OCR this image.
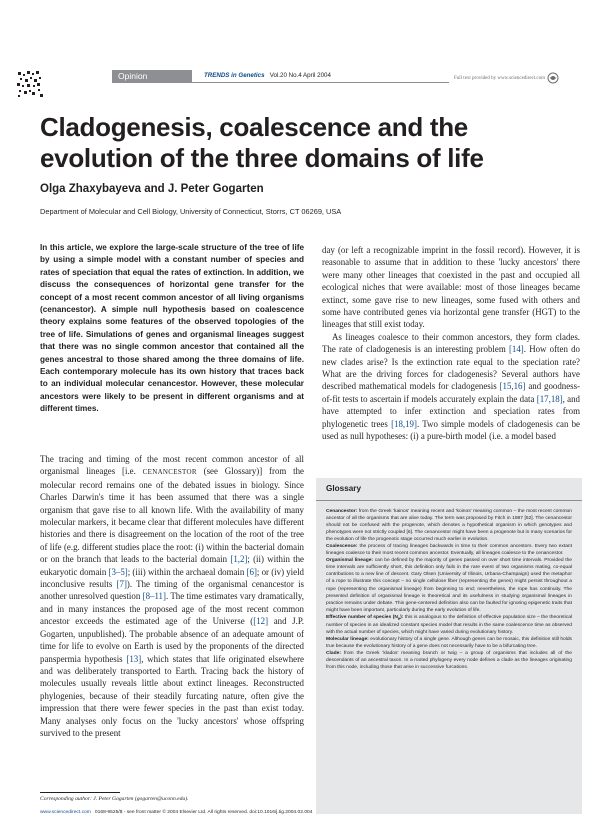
Opinion	TRENDS in Genetics Vol.20 No.4 April 2004	Full text provided by www.sciencedirect.com
Cladogenesis, coalescence and the
evolution of the three domains of life
Olga Zhaxybayeva and J. Peter Gogarten
Department of Molecular and Cell Biology, University of Connecticut, Storrs, CT 06269, USA
In this article, we explore the large-scale structure of the tree of life by using a simple model with a constant number of species and rates of speciation that equal the rates of extinction. In addition, we discuss the consequences of horizontal gene transfer for the concept of a most recent common ancestor of all living organisms (cenancestor). A simple null hypothesis based on coalescence theory explains some features of the observed topologies of the tree of life. Simulations of genes and organismal lineages suggest that there was no single common ancestor that contained all the genes ancestral to those shared among the three domains of life. Each contemporary molecule has its own history that traces back to an individual molecular cenancestor. However, these molecular ancestors were likely to be present in different organisms and at different times.

The tracing and timing of the most recent common ancestor of all organismal lineages [i.e. CENANCESTOR (see Glossary)] from the molecular record remains one of the debated issues in biology. Since Charles Darwin's time it has been assumed that there was a single organism that gave rise to all known life. With the availability of many molecular markers, it became clear that different molecules have different histories and there is disagreement on the location of the root of the tree of life (e.g. different studies place the root: (i) within the bacterial domain or on the branch that leads to the bacterial domain [1,2]; (ii) within the eukaryotic domain [3–5]; (iii) within the archaeal domain [6]; or (iv) yield inconclusive results [7]). The timing of the organismal cenancestor is another unresolved question [8–11]. The time estimates vary dramatically, and in many instances the proposed age of the most recent common ancestor exceeds the estimated age of the Universe ([12] and J.P. Gogarten, unpublished). The probable absence of an adequate amount of time for life to evolve on Earth is used by the proponents of the directed panspermia hypothesis [13], which states that life originated elsewhere and was deliberately transported to Earth. Tracing back the history of molecules usually reveals little about extinct lineages. Reconstructed phylogenies, because of their steadily furcating nature, often give the impression that there were fewer species in the past than exist today. Many analyses only focus on the 'lucky ancestors' whose offspring survived to the present

day (or left a recognizable imprint in the fossil record). However, it is reasonable to assume that in addition to these 'lucky ancestors' there were many other lineages that coexisted in the past and occupied all ecological niches that were available: most of those lineages became extinct, some gave rise to new lineages, some fused with others and some have contributed genes via horizontal gene transfer (HGT) to the lineages that still exist today.

As lineages coalesce to their common ancestors, they form clades. The rate of cladogenesis is an interesting problem [14]. How often do new clades arise? Is the extinction rate equal to the speciation rate? What are the driving forces for cladogenesis? Several authors have described mathematical models for cladogenesis [15,16] and goodness-of-fit tests to ascertain if models accurately explain the data [17,18], and have attempted to infer extinction and speciation rates from phylogenetic trees [18,19]. Two simple models of cladogenesis can be used as null hypotheses: (i) a pure-birth model (i.e. a model based

Glossary

Cenancestor: from the Greek 'kainos' meaning recent and 'koinos' meaning common – the most recent common ancestor of all the organisms that are alive today. The term was proposed by Fitch in 1987 [52]. The cenancestor should not be confused with the progenote, which denotes a hypothetical organism in which genotypes and phenotypes were not strictly coupled [6]. The cenancestor might have been a progenote but in many scenarios for the evolution of life the progenotic stage occurred much earlier in evolution.

Coalescence: the process of tracing lineages backwards in time to their common ancestors. Every two extant lineages coalesce to their most recent common ancestor. Eventually, all lineages coalesce to the cenancestor.

Organismal lineage: can be defined by the majority of genes passed on over short time intervals. Provided the time intervals are sufficiently short, this definition only fails in the rare event of two organisms mating, co-equal contributions to a new line of descent. Gary Olsen (University of Illinois, Urbana-Champaign) used the metaphor of a rope to illustrate this concept – no single cellulose fiber (representing the genes) might persist throughout a rope (representing the organismal lineage) from beginning to end; nevertheless, the rope has continuity. The presented definition of organismal lineage is theoretical and its usefulness in studying organismal lineages in practice remains under debate. This gene-centered definition also can be faulted for ignoring epigenetic traits that might have been important, particularly during the early evolution of life.

Effective number of species $(N_e)$: this is analogous to the definition of effective population size – the theoretical number of species in an idealized constant species model that results in the same coalescence time as observed with the actual number of species, which might have varied during evolutionary history.

Molecular lineage: evolutionary history of a single gene. Although genes can be mosaic, this definition still holds true because the evolutionary history of a gene does not necessarily have to be a bifurcating tree.

Clade: from the Greek 'klados' meaning branch or twig – a group of organisms that includes all of the descendants of an ancestral taxon. In a rooted phylogeny every node defines a clade as the lineages originating from this node, including those that arise in successive furcations.

Corresponding author: J. Peter Gogarten (gogarten@uconn.edu).
www.sciencedirect.com 0168-9525/$ - see front matter © 2004 Elsevier Ltd. All rights reserved. doi:10.1016/j.tig.2004.02.004
